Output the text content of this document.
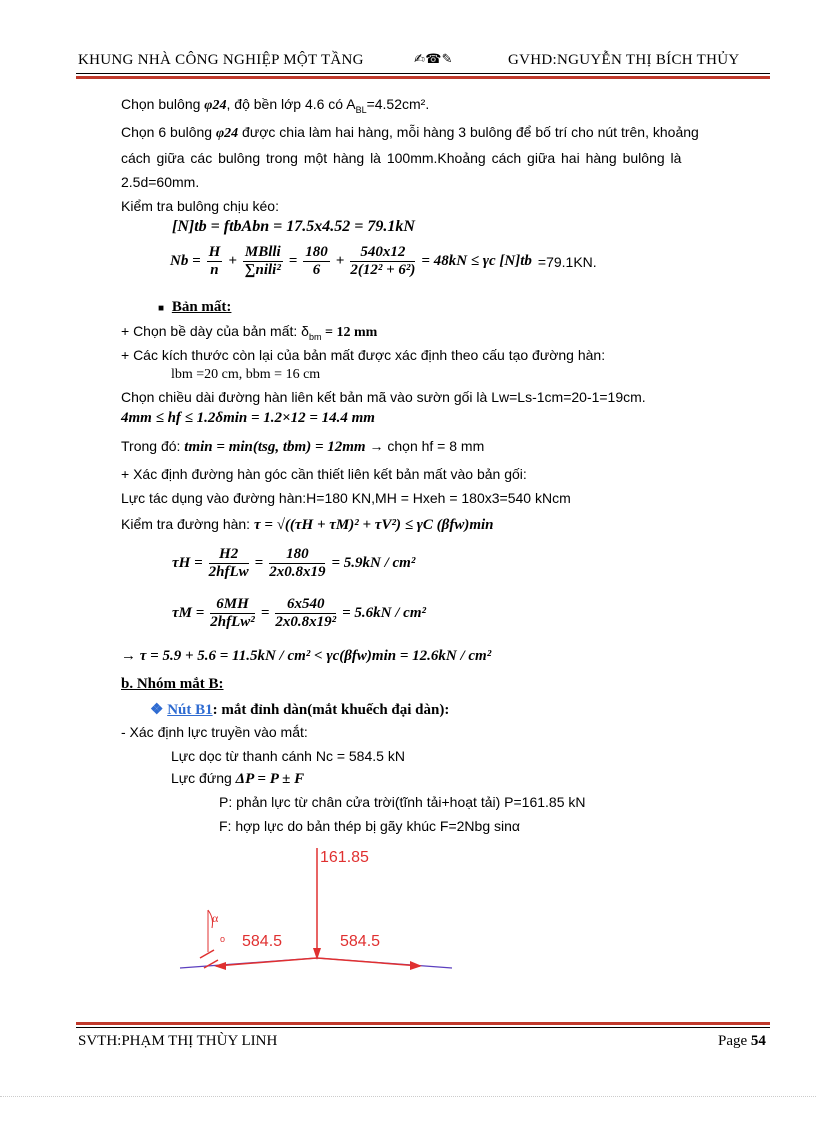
KHUNG NHÀ CÔNG NGHIỆP MỘT TẦNG	✍☎✎	GVHD:NGUYỄN THỊ BÍCH THỦY
Chọn bulông φ24, độ bền lớp 4.6 có $A_{BL}=4.52cm^2$.
Chọn 6 bulông φ24 được chia làm hai hàng, mỗi hàng 3 bulông để bố trí cho nút trên, khoảng
cách giữa các bulông trong một hàng là 100mm.Khoảng cách giữa hai hàng bulông là
2.5d=60mm.
Kiểm tra bulông chịu kéo:
[N]tb = ftbAbn = 17.5x4.52 = 79.1kN
$Nb = \frac{H}{n} + \frac{\text{MBlli}}{\text{∑nili²}} = \frac{180}{6} + \frac{540x12}{\text{2(12² + 6²)}} = 48kN \le \gamma c$ [N]tb =79.1KN.
■ Bản mất:
+ Chọn bề dày của bản mất: $\delta_{bm} = 12$ mm
+ Các kích thước còn lại của bản mất được xác định theo cấu tạo đường hàn:
lbm =20 cm, bbm = 16 cm
Chọn chiều dài đường hàn liên kết bản mã vào sườn gối là Lw=Ls-1cm=20-1=19cm.
4mm ≤ hf ≤ 1.2δmin = 1.2×12 = 14.4 mm
Trong đó: tmin = min(tsg, tbm) = 12mm → chọn hf = 8 mm
+ Xác định đường hàn góc cần thiết liên kết bản mất vào bản gối:
Lực tác dụng vào đường hàn:H=180 KN,MH = Hxeh = 180x3=540 kNcm
Kiểm tra đường hàn: τ = √((τH + τM)² + τV²) ≤ γC (βfw)min
$\tau H = \frac{H2}{\text{2hfLw}} = \frac{180}{2x0.8x19} = 5.9kN / cm^2$
$\tau M = \frac{6MH}{\text{2hfLw²}} = \frac{6x540}{\text{2x0.8x19²}} = 5.6kN / cm^2$
→ τ = 5.9 + 5.6 = 11.5kN / cm² < γc(βfw)min = 12.6kN / cm²
b. Nhóm mắt B:
❖ Nút B1: mắt đỉnh dàn(mắt khuếch đại dàn):
- Xác định lực truyền vào mắt:
Lực dọc từ thanh cánh Nc = 584.5 kN
Lực đứng ΔP = P ± F
P: phản lực từ chân cửa trời(tĩnh tải+hoạt tải) P=161.85 kN
F: hợp lực do bản thép bị gãy khúc F=2Nbg sinα
161.85
584.5	584.5
α
o
SVTH:PHẠM THỊ THÙY LINH	Page 54
